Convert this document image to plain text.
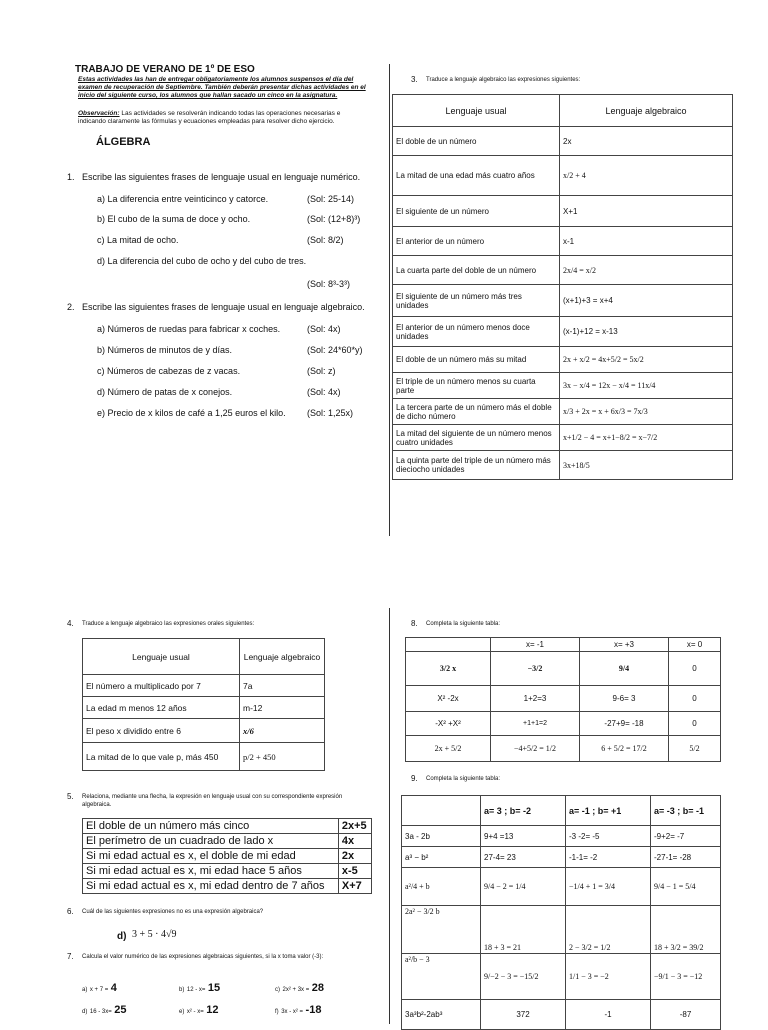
TRABAJO DE VERANO DE 1º DE ESO
Estas actividades las han de entregar obligatoriamente los alumnos suspensos el día del examen de recuperación de Septiembre. También deberán presentar dichas actividades en el inicio del siguiente curso, los alumnos que hallan sacado un cinco en la asignatura.
Observación: Las actividades se resolverán indicando todas las operaciones necesarias e indicando claramente las fórmulas y ecuaciones empleadas para resolver dicho ejercicio.
ÁLGEBRA
1. Escribe las siguientes frases de lenguaje usual en lenguaje numérico.
a) La diferencia entre veinticinco y catorce.	(Sol: 25-14)
b) El cubo de la suma de doce y ocho.	(Sol: (12+8)³)
c) La mitad de ocho.	(Sol: 8/2)
d) La diferencia del cubo de ocho y del cubo de tres.
(Sol: 8³-3³)
2. Escribe las siguientes frases de lenguaje usual en lenguaje algebraico.
a) Números de ruedas para fabricar x coches.	(Sol: 4x)
b) Números de minutos de y días.	(Sol: 24*60*y)
c) Números de cabezas de z vacas.	(Sol: z)
d) Número de patas de x conejos.	(Sol: 4x)
e) Precio de x kilos de café a 1,25 euros el kilo. (Sol: 1,25x)
3. Traduce a lenguaje algebraico las expresiones siguientes:
Lenguaje usual	Lenguaje algebraico
El doble de un número	2x
La mitad de una edad más cuatro años	x/2 + 4
El siguiente de un número	X+1
El anterior de un número	x-1
La cuarta parte del doble de un número	2x/4 = x/2
El siguiente de un número más tres unidades	(x+1)+3 = x+4
El anterior de un número menos doce unidades	(x-1)+12 = x-13
El doble de un número más su mitad	2x + x/2 = 4x+5/2 = 5x/2
El triple de un número menos su cuarta parte	3x − x/4 = 12x − x/4 = 11x/4
La tercera parte de un número más el doble de dicho número	x/3 + 2x = x + 6x/3 = 7x/3
La mitad del siguiente de un número menos cuatro unidades	x+1/2 − 4 = x+1−8/2 = x−7/2
La quinta parte del triple de un número más dieciocho unidades	3x+18/5
4. Traduce a lenguaje algebraico las expresiones orales siguientes:
Lenguaje usual	Lenguaje algebraico
El número a multiplicado por 7	7a
La edad m menos 12 años	m-12
El peso x dividido entre 6	x/6
La mitad de lo que vale p, más 450	p/2 + 450
5. Relaciona, mediante una flecha, la expresión en lenguaje usual con su correspondiente expresión algebraica.
El doble de un número más cinco	2x+5
El perímetro de un cuadrado de lado x	4x
Si mi edad actual es x, el doble de mi edad	2x
Si mi edad actual es x, mi edad hace 5 años	x-5
Si mi edad actual es x, mi edad dentro de 7 años	X+7
6. Cuál de las siguientes expresiones no es una expresión algebraica?
d) 3 + 5 · 4√9
7. Calcula el valor numérico de las expresiones algebraicas siguientes, si la x toma valor (-3):
a) x + 7 = 4	b) 12 - x= 15	c) 2x² + 3x = 28
d) 16 - 3x= 25	e) x² - x= 12	f) 3x - x² = -18
8. Completa la siguiente tabla:
	x= -1	x= +3	x= 0
3/2 x	−3/2	9/4	0
X² -2x	1+2=3	9-6= 3	0
-X² +X²	+1+1=2	-27+9= -18	0
2x + 5/2	−4+5/2 = 1/2	6 + 5/2 = 17/2	5/2
9. Completa la siguiente tabla:
	a= 3 ; b= -2	a= -1 ; b= +1	a= -3 ; b= -1
3a - 2b	9+4 =13	-3 -2= -5	-9+2= -7
a³ − b²	27-4= 23	-1-1= -2	-27-1= -28
a²/4 + b	9/4 − 2 = 1/4	−1/4 + 1 = 3/4	9/4 − 1 = 5/4
2a² − 3/2 b	18 + 3 = 21	2 − 3/2 = 1/2	18 + 3/2 = 39/2
a²/b − 3	9/−2 − 3 = −15/2	1/1 − 3 = −2	−9/1 − 3 = −12
3a³b²-2ab³	372	-1	-87
